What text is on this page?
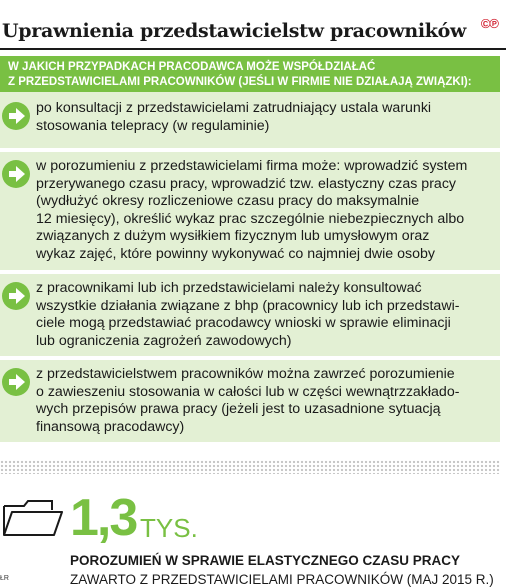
Uprawnienia przedstawicielstw pracowników ©℗
W JAKICH PRZYPADKACH PRACODAWCA MOŻE WSPÓŁDZIAŁAĆ
Z PRZEDSTAWICIELAMI PRACOWNIKÓW (JEŚLI W FIRMIE NIE DZIAŁAJĄ ZWIĄZKI):
po konsultacji z przedstawicielami zatrudniający ustala warunki
stosowania telepracy (w regulaminie)
w porozumieniu z przedstawicielami firma może: wprowadzić system
przerywanego czasu pracy, wprowadzić tzw. elastyczny czas pracy
(wydłużyć okresy rozliczeniowe czasu pracy do maksymalnie
12 miesięcy), określić wykaz prac szczególnie niebezpiecznych albo
związanych z dużym wysiłkiem fizycznym lub umysłowym oraz
wykaz zajęć, które powinny wykonywać co najmniej dwie osoby
z pracownikami lub ich przedstawicielami należy konsultować
wszystkie działania związane z bhp (pracownicy lub ich przedstawi-
ciele mogą przedstawiać pracodawcy wnioski w sprawie eliminacji
lub ograniczenia zagrożeń zawodowych)
z przedstawicielstwem pracowników można zawrzeć porozumienie
o zawieszeniu stosowania w całości lub w części wewnątrzzakłado-
wych przepisów prawa pracy (jeżeli jest to uzasadnione sytuacją
finansową pracodawcy)
1,3 TYS.
POROZUMIEŃ W SPRAWIE ELASTYCZNEGO CZASU PRACY
ZAWARTO Z PRZEDSTAWICIELAMI PRACOWNIKÓW (MAJ 2015 R.)
ŁR
